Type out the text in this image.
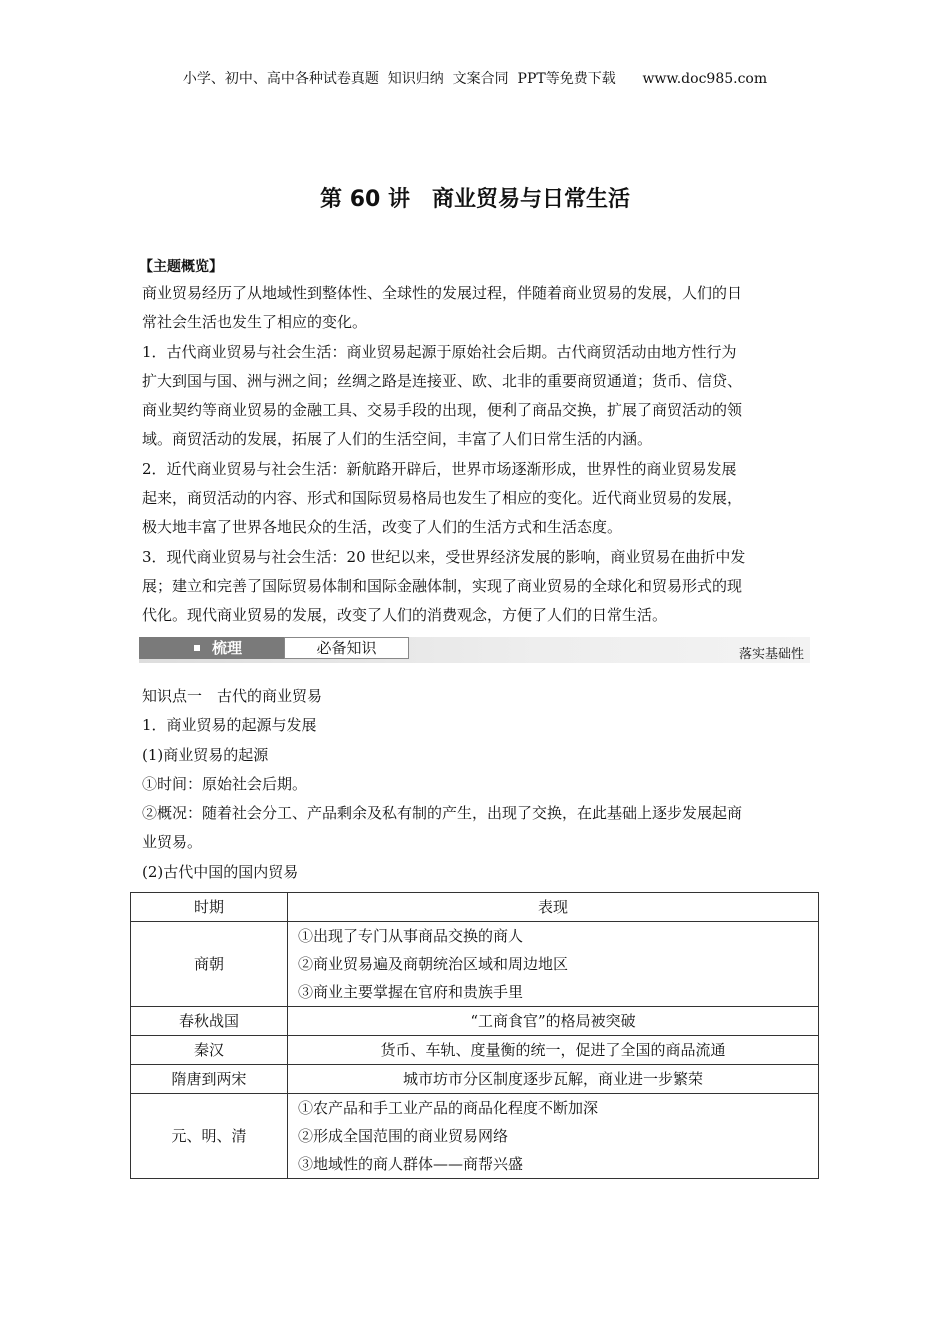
小学、初中、高中各种试卷真题  知识归纳  文案合同  PPT等免费下载      www.doc985.com
第 60 讲　商业贸易与日常生活
【主题概览】
商业贸易经历了从地域性到整体性、全球性的发展过程，伴随着商业贸易的发展，人们的日
常社会生活也发生了相应的变化。
1．古代商业贸易与社会生活：商业贸易起源于原始社会后期。古代商贸活动由地方性行为
扩大到国与国、洲与洲之间；丝绸之路是连接亚、欧、北非的重要商贸通道；货币、信贷、
商业契约等商业贸易的金融工具、交易手段的出现，便利了商品交换，扩展了商贸活动的领
域。商贸活动的发展，拓展了人们的生活空间，丰富了人们日常生活的内涵。
2．近代商业贸易与社会生活：新航路开辟后，世界市场逐渐形成，世界性的商业贸易发展
起来，商贸活动的内容、形式和国际贸易格局也发生了相应的变化。近代商业贸易的发展，
极大地丰富了世界各地民众的生活，改变了人们的生活方式和生活态度。
3．现代商业贸易与社会生活：20 世纪以来，受世界经济发展的影响，商业贸易在曲折中发
展；建立和完善了国际贸易体制和国际金融体制，实现了商业贸易的全球化和贸易形式的现
代化。现代商业贸易的发展，改变了人们的消费观念，方便了人们的日常生活。
梳理	必备知识	落实基础性
知识点一　古代的商业贸易
1．商业贸易的起源与发展
(1)商业贸易的起源
①时间：原始社会后期。
②概况：随着社会分工、产品剩余及私有制的产生，出现了交换，在此基础上逐步发展起商
业贸易。
(2)古代中国的国内贸易
时期	表现
商朝	①出现了专门从事商品交换的商人
②商业贸易遍及商朝统治区域和周边地区
③商业主要掌握在官府和贵族手里

春秋战国	“工商食官”的格局被突破

秦汉	货币、车轨、度量衡的统一，促进了全国的商品流通

隋唐到两宋	城市坊市分区制度逐步瓦解，商业进一步繁荣

元、明、清	①农产品和手工业产品的商品化程度不断加深
②形成全国范围的商业贸易网络
③地域性的商人群体——商帮兴盛
